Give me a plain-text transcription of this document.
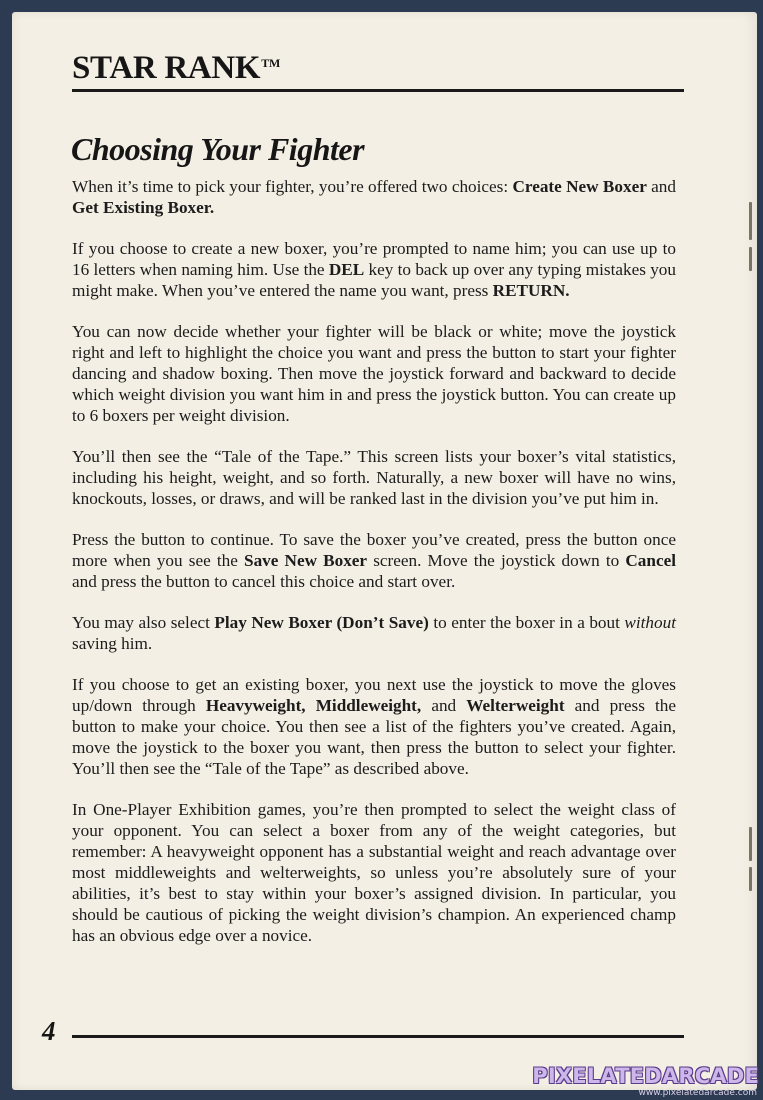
STAR RANK™
Choosing Your Fighter

When it’s time to pick your fighter, you’re offered two choices: Create New Boxer and Get Existing Boxer.

If you choose to create a new boxer, you’re prompted to name him; you can use up to 16 letters when naming him. Use the DEL key to back up over any typing mistakes you might make. When you’ve entered the name you want, press RETURN.

You can now decide whether your fighter will be black or white; move the joystick right and left to highlight the choice you want and press the button to start your fighter dancing and shadow boxing. Then move the joystick forward and backward to decide which weight division you want him in and press the joystick button. You can create up to 6 boxers per weight division.

You’ll then see the “Tale of the Tape.” This screen lists your boxer’s vital statistics, including his height, weight, and so forth. Naturally, a new boxer will have no wins, knockouts, losses, or draws, and will be ranked last in the division you’ve put him in.

Press the button to continue. To save the boxer you’ve created, press the button once more when you see the Save New Boxer screen. Move the joystick down to Cancel and press the button to cancel this choice and start over.

You may also select Play New Boxer (Don’t Save) to enter the boxer in a bout without saving him.

If you choose to get an existing boxer, you next use the joystick to move the gloves up/down through Heavyweight, Middleweight, and Welterweight and press the button to make your choice. You then see a list of the fighters you’ve created. Again, move the joystick to the boxer you want, then press the button to select your fighter. You’ll then see the “Tale of the Tape” as described above.

In One-Player Exhibition games, you’re then prompted to select the weight class of your opponent. You can select a boxer from any of the weight categories, but remember: A heavyweight opponent has a substantial weight and reach advantage over most middleweights and welterweights, so unless you’re absolutely sure of your abilities, it’s best to stay within your boxer’s assigned division. In particular, you should be cautious of picking the weight division’s champion. An experienced champ has an obvious edge over a novice.

4
PIXELATEDARCADE
www.pixelatedarcade.com
